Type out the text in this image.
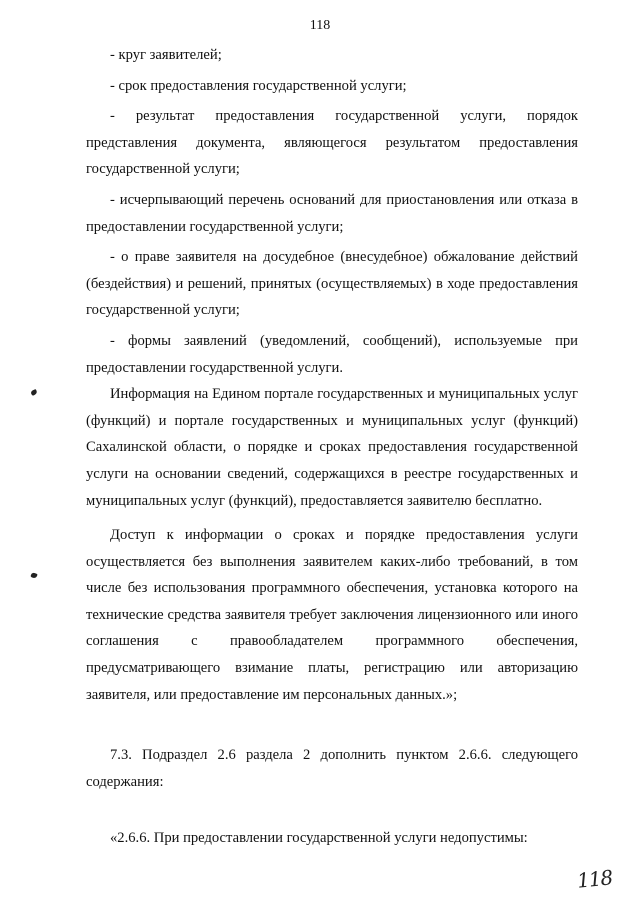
118

- круг заявителей;

- срок предоставления государственной услуги;

- результат предоставления государственной услуги, порядок представления документа, являющегося результатом предоставления государственной услуги;

- исчерпывающий перечень оснований для приостановления или отказа в предоставлении государственной услуги;

- о праве заявителя на досудебное (внесудебное) обжалование действий (бездействия) и решений, принятых (осуществляемых) в ходе предоставления государственной услуги;

- формы заявлений (уведомлений, сообщений), используемые при предоставлении государственной услуги.

Информация на Едином портале государственных и муниципальных услуг (функций) и портале государственных и муниципальных услуг (функций) Сахалинской области, о порядке и сроках предоставления государственной услуги на основании сведений, содержащихся в реестре государственных и муниципальных услуг (функций), предоставляется заявителю бесплатно.

Доступ к информации о сроках и порядке предоставления услуги осуществляется без выполнения заявителем каких-либо требований, в том числе без использования программного обеспечения, установка которого на технические средства заявителя требует заключения лицензионного или иного соглашения с правообладателем программного обеспечения, предусматривающего взимание платы, регистрацию или авторизацию заявителя, или предоставление им персональных данных.»;

7.3. Подраздел 2.6 раздела 2 дополнить пунктом 2.6.6. следующего содержания:

«2.6.6. При предоставлении государственной услуги недопустимы:

118
